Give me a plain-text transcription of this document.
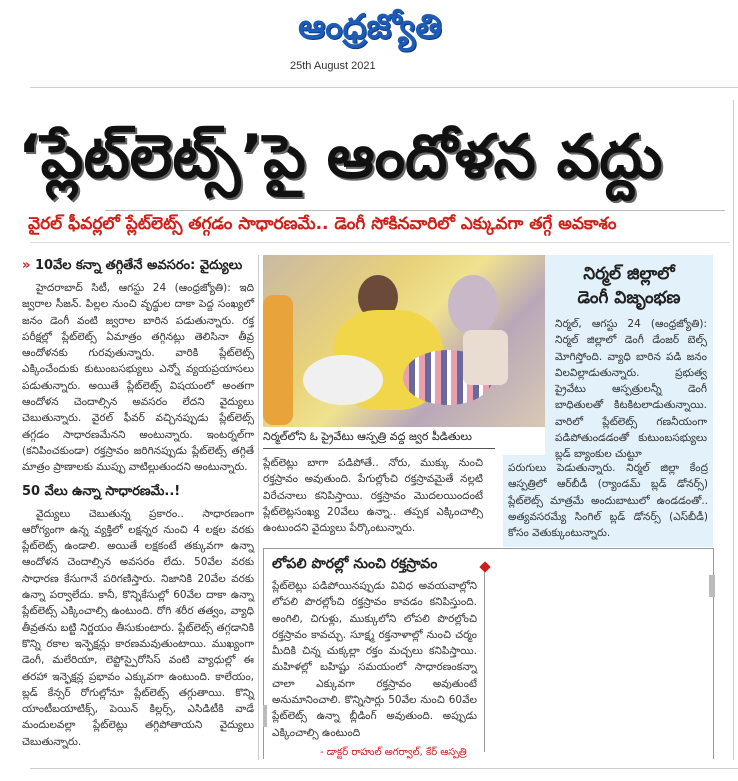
ఆంధ్రజ్యోతి
25th August 2021
‘ప్లేట్‌లెట్స్‌’పై ఆందోళన వద్దు
వైరల్‌ ఫీవర్లలో ప్లేట్‌లెట్స్‌ తగ్గడం సాధారణమే.. డెంగీ సోకినవారిలో ఎక్కువగా తగ్గే అవకాశం
» 10వేల కన్నా తగ్గితేనే అవసరం: వైద్యులు
హైదరాబాద్‌ సిటీ, ఆగస్టు 24 (ఆంధ్రజ్యోతి): ఇది జ్వరాల సీజన్‌. పిల్లల నుంచి వృద్ధుల దాకా పెద్ద సంఖ్యలో జనం డెంగీ వంటి జ్వరాల బారిన పడుతున్నారు. రక్త పరీక్షల్లో ప్లేట్‌లెట్స్‌ ఏమాత్రం తగ్గినట్లు తెలిసినా తీవ్ర ఆందోళనకు గురవుతున్నారు. వారికి ప్లేట్‌లెట్స్‌ ఎక్కించేందుకు కుటుంబసభ్యులు ఎన్నో వ్యయప్రయాసలు పడుతున్నారు. అయితే ప్లేట్‌లెట్స్‌ విషయంలో అంతగా ఆందోళన చెందాల్సిన అవసరం లేదని వైద్యులు చెబుతున్నారు. వైరల్‌ ఫీవర్‌ వచ్చినప్పుడు ప్లేట్‌లెట్స్‌ తగ్గడం సాధారణమేనని అంటున్నారు. ఇంటర్నల్‌గా (కనిపించకుండా) రక్తస్రావం జరిగినప్పుడు ప్లేట్‌లెట్స్‌ తగ్గితే మాత్రం ప్రాణాలకు ముప్పు వాటిల్లుతుందని అంటున్నారు.
50 వేలు ఉన్నా సాధారణమే..!
వైద్యులు చెబుతున్న ప్రకారం.. సాధారణంగా ఆరోగ్యంగా ఉన్న వ్యక్తిలో లక్షన్నర నుంచి 4 లక్షల వరకు ప్లేట్‌లెట్స్‌ ఉండాలి. అయితే లక్షకంటే తక్కువగా ఉన్నా ఆందోళన చెందాల్సిన అవసరం లేదు. 50వేల వరకు సాధారణ కేసుగానే పరిగణిస్తారు. నిజానికి 20వేల వరకు ఉన్నా పర్వాలేదు. కానీ, కొన్నికేసుల్లో 60వేల దాకా ఉన్నా ప్లేట్‌లెట్స్‌ ఎక్కించాల్సి ఉంటుంది. రోగి శరీర తత్వం, వ్యాధి తీవ్రతను బట్టి నిర్ణయం తీసుకుంటారు. ప్లేట్‌లెట్స్‌ తగ్గడానికి కొన్ని రకాల ఇన్ఫెక్షన్లు కారణమవుతుంటాయి. ముఖ్యంగా డెంగీ, మలేరియా, లెప్టోస్పైరోసిస్‌ వంటి వ్యాధుల్లో ఈ తరహా ఇన్ఫెక్షన్ల ప్రభావం ఎక్కువగా ఉంటుంది. కాలేయం, బ్లడ్‌ కేన్సర్‌ రోగుల్లోనూ ప్లేట్‌లెట్స్‌ తగ్గుతాయి. కొన్ని యాంటీబయాటిక్స్‌, పెయిన్‌ కిల్లర్స్‌, ఎసిడిటీకి వాడే మందులవల్లా ప్లేట్‌లెట్లు తగ్గిపోతాయని వైద్యులు చెబుతున్నారు.
నిర్మల్‌లోని ఓ ప్రైవేటు ఆస్పత్రి వద్ద జ్వర పీడితులు
ప్లేట్‌లెట్లు బాగా పడిపోతే.. నోరు, ముక్కు నుంచి రక్తస్రావం అవుతుంది. పేగుల్లోంచి రక్తస్రావమైతే నల్లటి విరేచనాలు కనిపిస్తాయి. రక్తస్రావం మొదలయిందంటే ప్లేట్‌లెట్లసంఖ్య 20వేలు ఉన్నా.. తప్పక ఎక్కించాల్సి ఉంటుందని వైద్యులు పేర్కొంటున్నారు.
నిర్మల్‌ జిల్లాలో
డెంగీ విజృంభణ
నిర్మల్‌, ఆగస్టు 24 (ఆంధ్రజ్యోతి): నిర్మల్‌ జిల్లాలో డెంగీ డేంజర్‌ బెల్స్‌ మోగిస్తోంది. వ్యాధి బారిన పడి జనం విలవిల్లాడుతున్నారు. ప్రభుత్వ ప్రైవేటు ఆస్పత్రులన్నీ డెంగీ బాధితులతో కిటకిటలాడుతున్నాయి. వారిలో ప్లేట్‌లెట్స్‌ గణనీయంగా పడిపోతుండడంతో కుటుంబసభ్యులు బ్లడ్‌ బ్యాంకుల చుట్టూ
పరుగులు పెడుతున్నారు. నిర్మల్‌ జిల్లా కేంద్ర ఆస్పత్రిలో ఆర్‌బీడీ (ర్యాండమ్‌ బ్లడ్‌ డోనర్స్‌) ప్లేట్‌లెట్స్‌ మాత్రమే అందుబాటులో ఉండడంతో.. అత్యవసరమ్యే సింగిల్‌ బ్లడ్‌ డోనర్స్‌ (ఎస్‌బీడీ) కోసం వెతుక్కుంటున్నారు.
లోపలి పొరల్లో నుంచి రక్తస్రావం
ప్లేట్‌లెట్లు పడిపోయినప్పుడు వివిధ అవయవాల్లోని లోపలి పొరల్లోంచి రక్తస్రావం కావడం కనిపిస్తుంది. అంగిలి, చిగుళ్లు, ముక్కులోని లోపలి పొరల్లోంచి రక్తస్రావం కావచ్చు. సూక్ష్మ రక్తనాళాల్లో నుంచి చర్మం మీదికి చిన్న చుక్కల్లా రక్తం మచ్చలు కనిపిస్తాయి. మహిళల్లో బహిష్టు సమయంలో సాధారణంకన్నా చాలా ఎక్కువగా రక్తస్రావం అవుతుంటే అనుమానించాలి. కొన్నిసార్లు 50వేల నుంచి 60వేల ప్లేట్‌లెట్స్‌ ఉన్నా బ్లీడింగ్‌ అవుతుంది. అప్పుడు ఎక్కించాల్సి ఉంటుంది
- డాక్టర్‌ రాహుల్‌ అగర్వాల్‌, కేర్‌ ఆస్పత్రి
